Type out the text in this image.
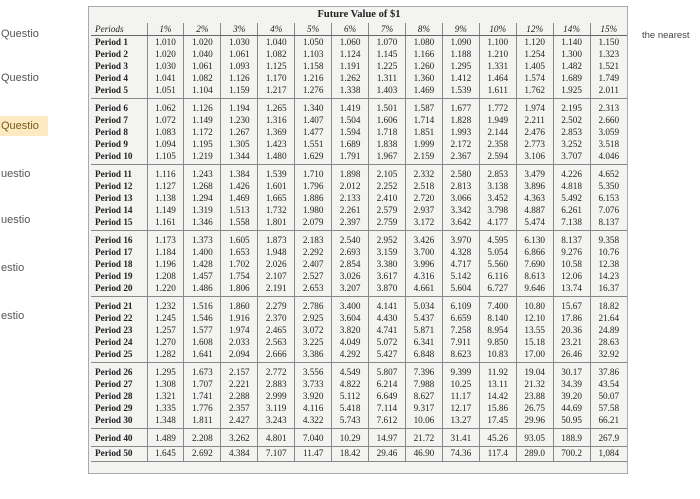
Questio
Questio
Questio
uestio
uestio
estio
estio
the nearest
Future Value of $1
Periods	1%	2%	3%	4%	5%	6%	7%	8%	9%	10%	12%	14%	15%
Period 1	1.010	1.020	1.030	1.040	1.050	1.060	1.070	1.080	1.090	1.100	1.120	1.140	1.150
Period 2	1.020	1.040	1.061	1.082	1.103	1.124	1.145	1.166	1.188	1.210	1.254	1.300	1.323
Period 3	1.030	1.061	1.093	1.125	1.158	1.191	1.225	1.260	1.295	1.331	1.405	1.482	1.521
Period 4	1.041	1.082	1.126	1.170	1.216	1.262	1.311	1.360	1.412	1.464	1.574	1.689	1.749
Period 5	1.051	1.104	1.159	1.217	1.276	1.338	1.403	1.469	1.539	1.611	1.762	1.925	2.011
Period 6	1.062	1.126	1.194	1.265	1.340	1.419	1.501	1.587	1.677	1.772	1.974	2.195	2.313
Period 7	1.072	1.149	1.230	1.316	1.407	1.504	1.606	1.714	1.828	1.949	2.211	2.502	2.660
Period 8	1.083	1.172	1.267	1.369	1.477	1.594	1.718	1.851	1.993	2.144	2.476	2.853	3.059
Period 9	1.094	1.195	1.305	1.423	1.551	1.689	1.838	1.999	2.172	2.358	2.773	3.252	3.518
Period 10	1.105	1.219	1.344	1.480	1.629	1.791	1.967	2.159	2.367	2.594	3.106	3.707	4.046
Period 11	1.116	1.243	1.384	1.539	1.710	1.898	2.105	2.332	2.580	2.853	3.479	4.226	4.652
Period 12	1.127	1.268	1.426	1.601	1.796	2.012	2.252	2.518	2.813	3.138	3.896	4.818	5.350
Period 13	1.138	1.294	1.469	1.665	1.886	2.133	2.410	2.720	3.066	3.452	4.363	5.492	6.153
Period 14	1.149	1.319	1.513	1.732	1.980	2.261	2.579	2.937	3.342	3.798	4.887	6.261	7.076
Period 15	1.161	1.346	1.558	1.801	2.079	2.397	2.759	3.172	3.642	4.177	5.474	7.138	8.137
Period 16	1.173	1.373	1.605	1.873	2.183	2.540	2.952	3.426	3.970	4.595	6.130	8.137	9.358
Period 17	1.184	1.400	1.653	1.948	2.292	2.693	3.159	3.700	4.328	5.054	6.866	9.276	10.76
Period 18	1.196	1.428	1.702	2.026	2.407	2.854	3.380	3.996	4.717	5.560	7.690	10.58	12.38
Period 19	1.208	1.457	1.754	2.107	2.527	3.026	3.617	4.316	5.142	6.116	8.613	12.06	14.23
Period 20	1.220	1.486	1.806	2.191	2.653	3.207	3.870	4.661	5.604	6.727	9.646	13.74	16.37
Period 21	1.232	1.516	1.860	2.279	2.786	3.400	4.141	5.034	6.109	7.400	10.80	15.67	18.82
Period 22	1.245	1.546	1.916	2.370	2.925	3.604	4.430	5.437	6.659	8.140	12.10	17.86	21.64
Period 23	1.257	1.577	1.974	2.465	3.072	3.820	4.741	5.871	7.258	8.954	13.55	20.36	24.89
Period 24	1.270	1.608	2.033	2.563	3.225	4.049	5.072	6.341	7.911	9.850	15.18	23.21	28.63
Period 25	1.282	1.641	2.094	2.666	3.386	4.292	5.427	6.848	8.623	10.83	17.00	26.46	32.92
Period 26	1.295	1.673	2.157	2.772	3.556	4.549	5.807	7.396	9.399	11.92	19.04	30.17	37.86
Period 27	1.308	1.707	2.221	2.883	3.733	4.822	6.214	7.988	10.25	13.11	21.32	34.39	43.54
Period 28	1.321	1.741	2.288	2.999	3.920	5.112	6.649	8.627	11.17	14.42	23.88	39.20	50.07
Period 29	1.335	1.776	2.357	3.119	4.116	5.418	7.114	9.317	12.17	15.86	26.75	44.69	57.58
Period 30	1.348	1.811	2.427	3.243	4.322	5.743	7.612	10.06	13.27	17.45	29.96	50.95	66.21
Period 40	1.489	2.208	3.262	4.801	7.040	10.29	14.97	21.72	31.41	45.26	93.05	188.9	267.9
Period 50	1.645	2.692	4.384	7.107	11.47	18.42	29.46	46.90	74.36	117.4	289.0	700.2	1,084
